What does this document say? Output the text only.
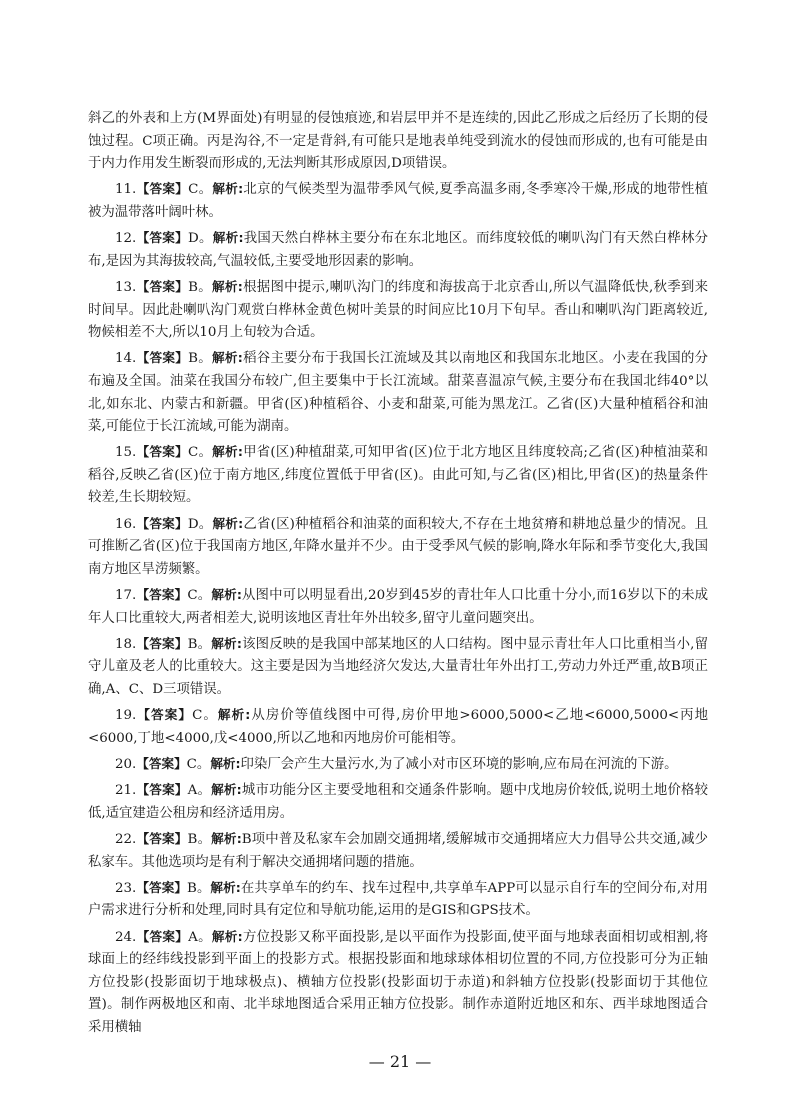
斜乙的外表和上方(M界面处)有明显的侵蚀痕迹,和岩层甲并不是连续的,因此乙形成之后经历了长期的侵蚀过程。C项正确。丙是沟谷,不一定是背斜,有可能只是地表单纯受到流水的侵蚀而形成的,也有可能是由于内力作用发生断裂而形成的,无法判断其形成原因,D项错误。

11.【答案】C。解析:北京的气候类型为温带季风气候,夏季高温多雨,冬季寒冷干燥,形成的地带性植被为温带落叶阔叶林。

12.【答案】D。解析:我国天然白桦林主要分布在东北地区。而纬度较低的喇叭沟门有天然白桦林分布,是因为其海拔较高,气温较低,主要受地形因素的影响。

13.【答案】B。解析:根据图中提示,喇叭沟门的纬度和海拔高于北京香山,所以气温降低快,秋季到来时间早。因此赴喇叭沟门观赏白桦林金黄色树叶美景的时间应比10月下旬早。香山和喇叭沟门距离较近,物候相差不大,所以10月上旬较为合适。

14.【答案】B。解析:稻谷主要分布于我国长江流域及其以南地区和我国东北地区。小麦在我国的分布遍及全国。油菜在我国分布较广,但主要集中于长江流域。甜菜喜温凉气候,主要分布在我国北纬40°以北,如东北、内蒙古和新疆。甲省(区)种植稻谷、小麦和甜菜,可能为黑龙江。乙省(区)大量种植稻谷和油菜,可能位于长江流域,可能为湖南。

15.【答案】C。解析:甲省(区)种植甜菜,可知甲省(区)位于北方地区且纬度较高;乙省(区)种植油菜和稻谷,反映乙省(区)位于南方地区,纬度位置低于甲省(区)。由此可知,与乙省(区)相比,甲省(区)的热量条件较差,生长期较短。

16.【答案】D。解析:乙省(区)种植稻谷和油菜的面积较大,不存在土地贫瘠和耕地总量少的情况。且可推断乙省(区)位于我国南方地区,年降水量并不少。由于受季风气候的影响,降水年际和季节变化大,我国南方地区旱涝频繁。

17.【答案】C。解析:从图中可以明显看出,20岁到45岁的青壮年人口比重十分小,而16岁以下的未成年人口比重较大,两者相差大,说明该地区青壮年外出较多,留守儿童问题突出。

18.【答案】B。解析:该图反映的是我国中部某地区的人口结构。图中显示青壮年人口比重相当小,留守儿童及老人的比重较大。这主要是因为当地经济欠发达,大量青壮年外出打工,劳动力外迁严重,故B项正确,A、C、D三项错误。

19.【答案】C。解析:从房价等值线图中可得,房价甲地>6000,5000<乙地<6000,5000<丙地<6000,丁地<4000,戊<4000,所以乙地和丙地房价可能相等。

20.【答案】C。解析:印染厂会产生大量污水,为了减小对市区环境的影响,应布局在河流的下游。

21.【答案】A。解析:城市功能分区主要受地租和交通条件影响。题中戊地房价较低,说明土地价格较低,适宜建造公租房和经济适用房。

22.【答案】B。解析:B项中普及私家车会加剧交通拥堵,缓解城市交通拥堵应大力倡导公共交通,减少私家车。其他选项均是有利于解决交通拥堵问题的措施。

23.【答案】B。解析:在共享单车的约车、找车过程中,共享单车APP可以显示自行车的空间分布,对用户需求进行分析和处理,同时具有定位和导航功能,运用的是GIS和GPS技术。

24.【答案】A。解析:方位投影又称平面投影,是以平面作为投影面,使平面与地球表面相切或相割,将球面上的经纬线投影到平面上的投影方式。根据投影面和地球球体相切位置的不同,方位投影可分为正轴方位投影(投影面切于地球极点)、横轴方位投影(投影面切于赤道)和斜轴方位投影(投影面切于其他位置)。制作两极地区和南、北半球地图适合采用正轴方位投影。制作赤道附近地区和东、西半球地图适合采用横轴

— 21 —
